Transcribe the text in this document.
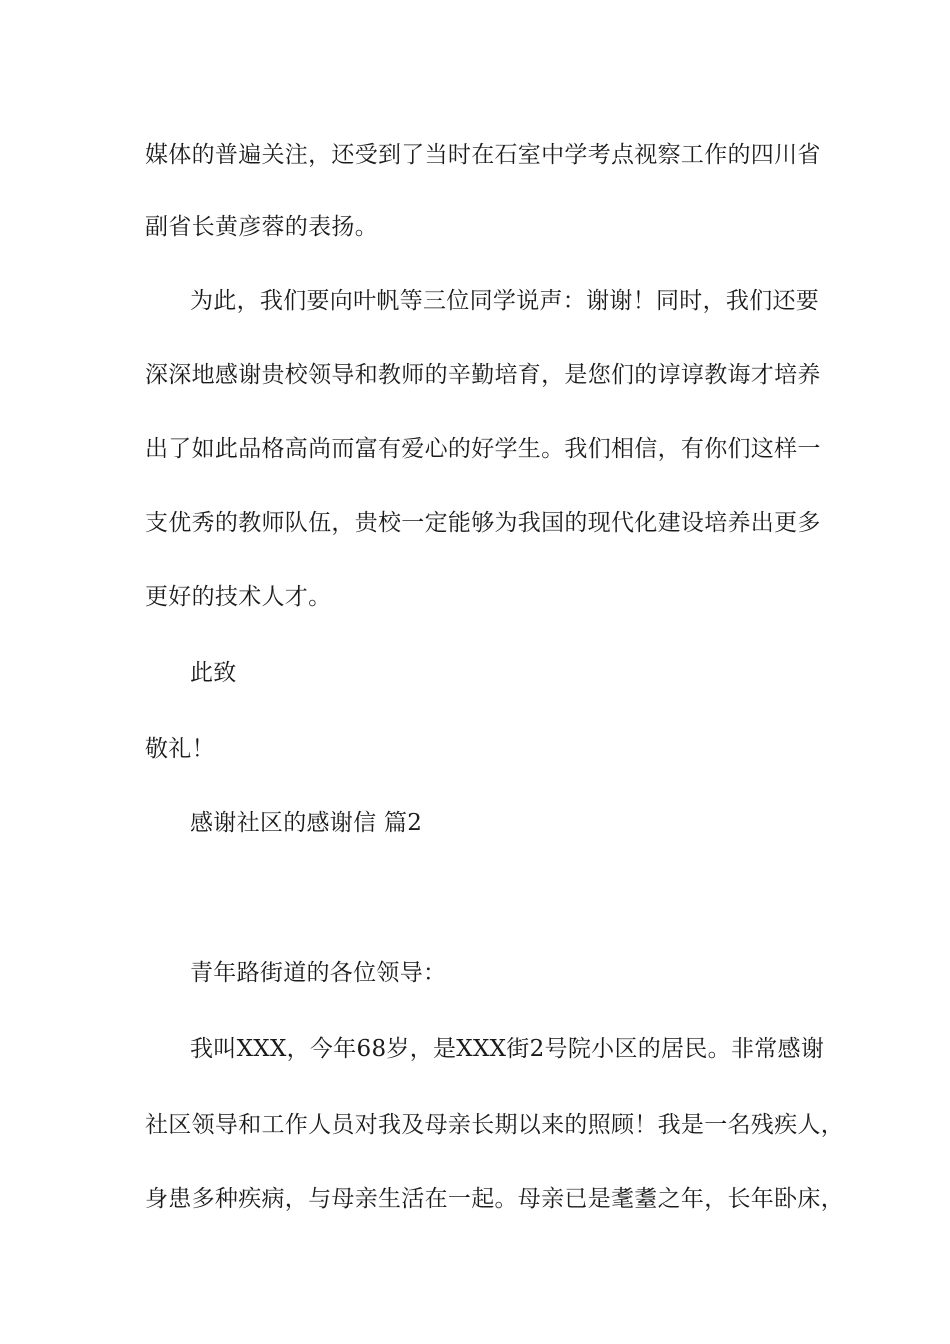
媒体的普遍关注，还受到了当时在石室中学考点视察工作的四川省
副省长黄彦蓉的表扬。
为此，我们要向叶帆等三位同学说声：谢谢！同时，我们还要
深深地感谢贵校领导和教师的辛勤培育，是您们的谆谆教诲才培养
出了如此品格高尚而富有爱心的好学生。我们相信，有你们这样一
支优秀的教师队伍，贵校一定能够为我国的现代化建设培养出更多
更好的技术人才。
此致
敬礼！
感谢社区的感谢信 篇2
青年路街道的各位领导：
我叫XXX，今年68岁，是XXX街2号院小区的居民。非常感谢
社区领导和工作人员对我及母亲长期以来的照顾！我是一名残疾人，
身患多种疾病，与母亲生活在一起。母亲已是耄耋之年，长年卧床，
